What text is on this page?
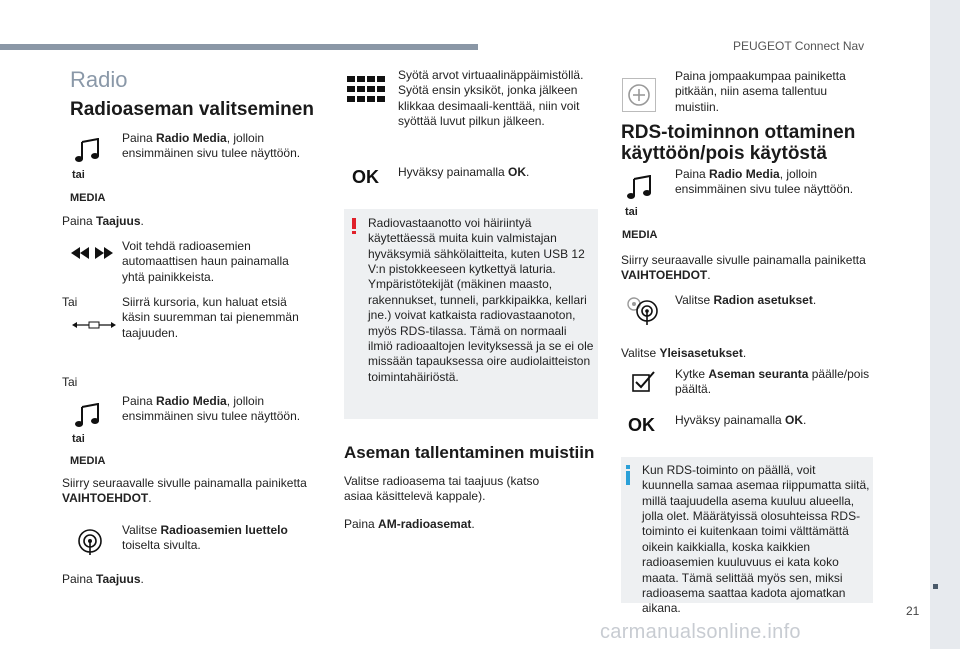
PEUGEOT Connect Nav
21
carmanualsonline.info
Radio
Radioaseman valitseminen

Paina Radio Media, jolloin ensimmäinen sivu tulee näyttöön.

tai
MEDIA

Paina Taajuus.

Voit tehdä radioasemien automaattisen haun painamalla yhtä painikkeista.

Tai	Siirrä kursoria, kun haluat etsiä käsin suuremman tai pienemmän taajuuden.

Tai

Paina Radio Media, jolloin ensimmäinen sivu tulee näyttöön.

tai
MEDIA

Siirry seuraavalle sivulle painamalla painiketta VAIHTOEHDOT.

Valitse Radioasemien luettelo toiselta sivulta.

Paina Taajuus.

Syötä arvot virtuaalinäppäimistöllä. Syötä ensin yksiköt, jonka jälkeen klikkaa desimaali-kenttää, niin voit syöttää luvut pilkun jälkeen.

OK Hyväksy painamalla OK.

Radiovastaanotto voi häiriintyä käytettäessä muita kuin valmistajan hyväksymiä sähkölaitteita, kuten USB 12 V:n pistokkeeseen kytkettyä laturia. Ympäristötekijät (mäkinen maasto, rakennukset, tunneli, parkkipaikka, kellari jne.) voivat katkaista radiovastaanoton, myös RDS-tilassa. Tämä on normaali ilmiö radioaaltojen levityksessä ja se ei ole missään tapauksessa oire audiolaitteiston toimintahäiriöstä.

Aseman tallentaminen muistiin

Valitse radioasema tai taajuus (katso asiaa käsittelevä kappale).

Paina AM-radioasemat.

Paina jompaakumpaa painiketta pitkään, niin asema tallentuu muistiin.

RDS-toiminnon ottaminen käyttöön/pois käytöstä

Paina Radio Media, jolloin ensimmäinen sivu tulee näyttöön.

tai
MEDIA

Siirry seuraavalle sivulle painamalla painiketta VAIHTOEHDOT.

Valitse Radion asetukset.

Valitse Yleisasetukset.

Kytke Aseman seuranta päälle/pois päältä.

OK Hyväksy painamalla OK.

Kun RDS-toiminto on päällä, voit kuunnella samaa asemaa riippumatta siitä, millä taajuudella asema kuuluu alueella, jolla olet. Määrätyissä olosuhteissa RDS-toiminto ei kuitenkaan toimi välttämättä oikein kaikkialla, koska kaikkien radioasemien kuuluvuus ei kata koko maata. Tämä selittää myös sen, miksi radioasema saattaa kadota ajomatkan aikana.
